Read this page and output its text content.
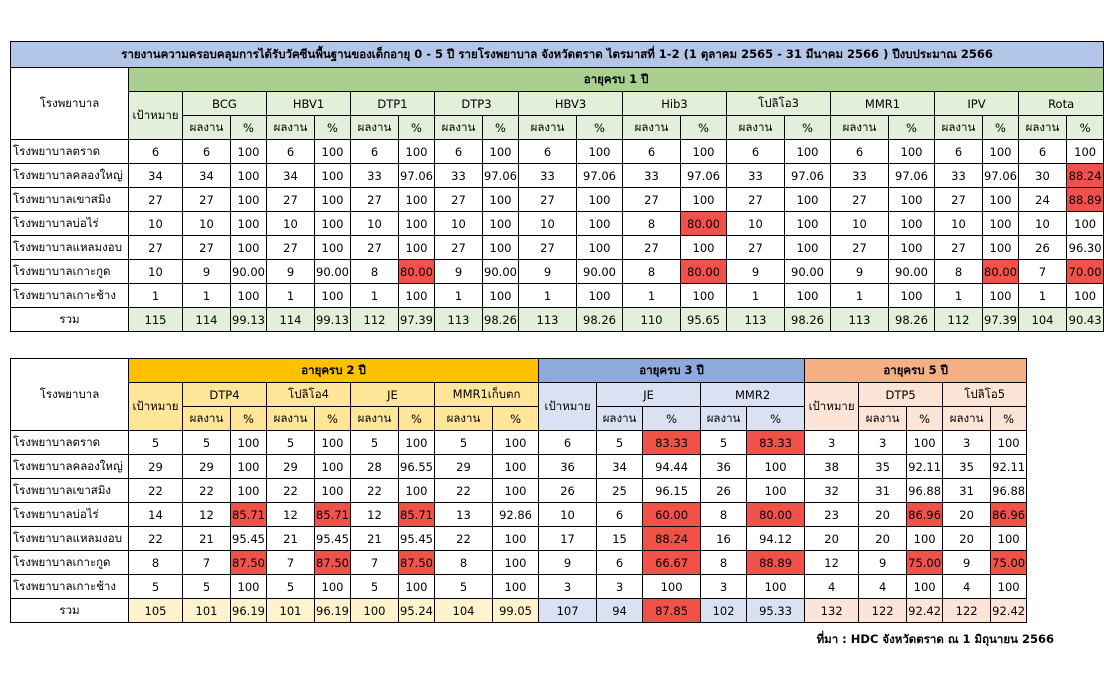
รายงานความครอบคลุมการได้รับวัคซีนพื้นฐานของเด็กอายุ 0 - 5 ปี รายโรงพยาบาล จังหวัดตราด ไตรมาสที่ 1-2 (1 ตุลาคม 2565 - 31 มีนาคม 2566 ) ปีงบประมาณ 2566																					
โรงพยาบาล	อายุครบ 1 ปี																				
	เป้าหมาย	BCG		HBV1		DTP1		DTP3		HBV3		Hib3		โปลิโอ3		MMR1		IPV		Rota	
		ผลงาน	%	ผลงาน	%	ผลงาน	%	ผลงาน	%	ผลงาน	%	ผลงาน	%	ผลงาน	%	ผลงาน	%	ผลงาน	%	ผลงาน	%
โรงพยาบาลตราด	6	6	100	6	100	6	100	6	100	6	100	6	100	6	100	6	100	6	100	6	100
โรงพยาบาลคลองใหญ่	34	34	100	34	100	33	97.06	33	97.06	33	97.06	33	97.06	33	97.06	33	97.06	33	97.06	30	88.24
โรงพยาบาลเขาสมิง	27	27	100	27	100	27	100	27	100	27	100	27	100	27	100	27	100	27	100	24	88.89
โรงพยาบาลบ่อไร่	10	10	100	10	100	10	100	10	100	10	100	8	80.00	10	100	10	100	10	100	10	100
โรงพยาบาลแหลมงอบ	27	27	100	27	100	27	100	27	100	27	100	27	100	27	100	27	100	27	100	26	96.30
โรงพยาบาลเกาะกูด	10	9	90.00	9	90.00	8	80.00	9	90.00	9	90.00	8	80.00	9	90.00	9	90.00	8	80.00	7	70.00
โรงพยาบาลเกาะช้าง	1	1	100	1	100	1	100	1	100	1	100	1	100	1	100	1	100	1	100	1	100
รวม	115	114	99.13	114	99.13	112	97.39	113	98.26	113	98.26	110	95.65	113	98.26	113	98.26	112	97.39	104	90.43
โรงพยาบาล	อายุครบ 2 ปี									อายุครบ 3 ปี					อายุครบ 5 ปี				
	เป้าหมาย	DTP4		โปลิโอ4		JE		MMR1เก็บตก		เป้าหมาย	JE		MMR2		เป้าหมาย	DTP5		โปลิโอ5	
		ผลงาน	%	ผลงาน	%	ผลงาน	%	ผลงาน	%		ผลงาน	%	ผลงาน	%		ผลงาน	%	ผลงาน	%
โรงพยาบาลตราด	5	5	100	5	100	5	100	5	100	6	5	83.33	5	83.33	3	3	100	3	100
โรงพยาบาลคลองใหญ่	29	29	100	29	100	28	96.55	29	100	36	34	94.44	36	100	38	35	92.11	35	92.11
โรงพยาบาลเขาสมิง	22	22	100	22	100	22	100	22	100	26	25	96.15	26	100	32	31	96.88	31	96.88
โรงพยาบาลบ่อไร่	14	12	85.71	12	85.71	12	85.71	13	92.86	10	6	60.00	8	80.00	23	20	86.96	20	86.96
โรงพยาบาลแหลมงอบ	22	21	95.45	21	95.45	21	95.45	22	100	17	15	88.24	16	94.12	20	20	100	20	100
โรงพยาบาลเกาะกูด	8	7	87.50	7	87.50	7	87.50	8	100	9	6	66.67	8	88.89	12	9	75.00	9	75.00
โรงพยาบาลเกาะช้าง	5	5	100	5	100	5	100	5	100	3	3	100	3	100	4	4	100	4	100
รวม	105	101	96.19	101	96.19	100	95.24	104	99.05	107	94	87.85	102	95.33	132	122	92.42	122	92.42
ที่มา : HDC จังหวัดตราด ณ 1 มิถุนายน 2566
